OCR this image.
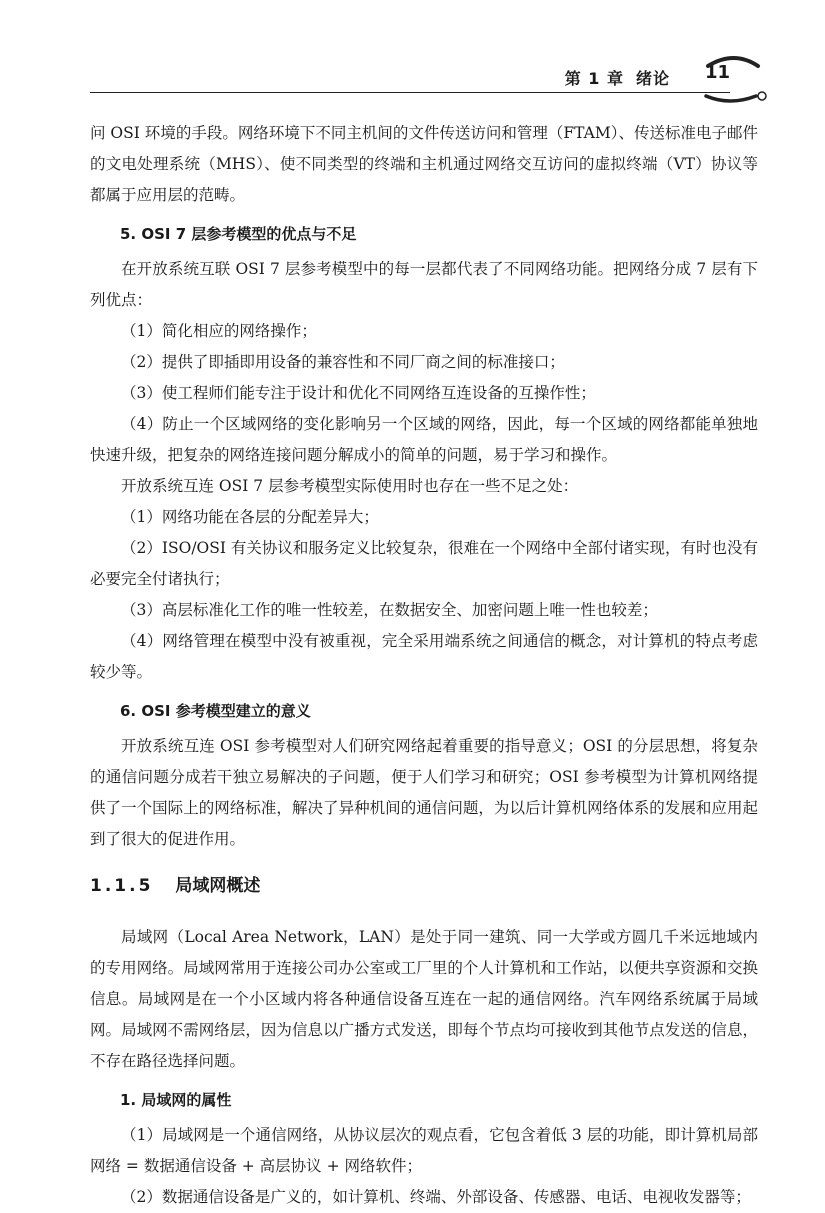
第 1 章 绪论 11

问 OSI 环境的手段。网络环境下不同主机间的文件传送访问和管理（FTAM）、传送标准电子邮件的文电处理系统（MHS）、使不同类型的终端和主机通过网络交互访问的虚拟终端（VT）协议等都属于应用层的范畴。

5. OSI 7 层参考模型的优点与不足

在开放系统互联 OSI 7 层参考模型中的每一层都代表了不同网络功能。把网络分成 7 层有下列优点：

（1）简化相应的网络操作；

（2）提供了即插即用设备的兼容性和不同厂商之间的标准接口；

（3）使工程师们能专注于设计和优化不同网络互连设备的互操作性；

（4）防止一个区域网络的变化影响另一个区域的网络，因此，每一个区域的网络都能单独地快速升级，把复杂的网络连接问题分解成小的简单的问题，易于学习和操作。

开放系统互连 OSI 7 层参考模型实际使用时也存在一些不足之处：

（1）网络功能在各层的分配差异大；

（2）ISO/OSI 有关协议和服务定义比较复杂，很难在一个网络中全部付诸实现，有时也没有必要完全付诸执行；

（3）高层标准化工作的唯一性较差，在数据安全、加密问题上唯一性也较差；

（4）网络管理在模型中没有被重视，完全采用端系统之间通信的概念，对计算机的特点考虑较少等。

6. OSI 参考模型建立的意义

开放系统互连 OSI 参考模型对人们研究网络起着重要的指导意义；OSI 的分层思想，将复杂的通信问题分成若干独立易解决的子问题，便于人们学习和研究；OSI 参考模型为计算机网络提供了一个国际上的网络标准，解决了异种机间的通信问题，为以后计算机网络体系的发展和应用起到了很大的促进作用。

1.1.5 局域网概述

局域网（Local Area Network，LAN）是处于同一建筑、同一大学或方圆几千米远地域内的专用网络。局域网常用于连接公司办公室或工厂里的个人计算机和工作站，以便共享资源和交换信息。局域网是在一个小区域内将各种通信设备互连在一起的通信网络。汽车网络系统属于局域网。局域网不需网络层，因为信息以广播方式发送，即每个节点均可接收到其他节点发送的信息，不存在路径选择问题。

1. 局域网的属性

（1）局域网是一个通信网络，从协议层次的观点看，它包含着低 3 层的功能，即计算机局部网络 = 数据通信设备 + 高层协议 + 网络软件；

（2）数据通信设备是广义的，如计算机、终端、外部设备、传感器、电话、电视收发器等；
